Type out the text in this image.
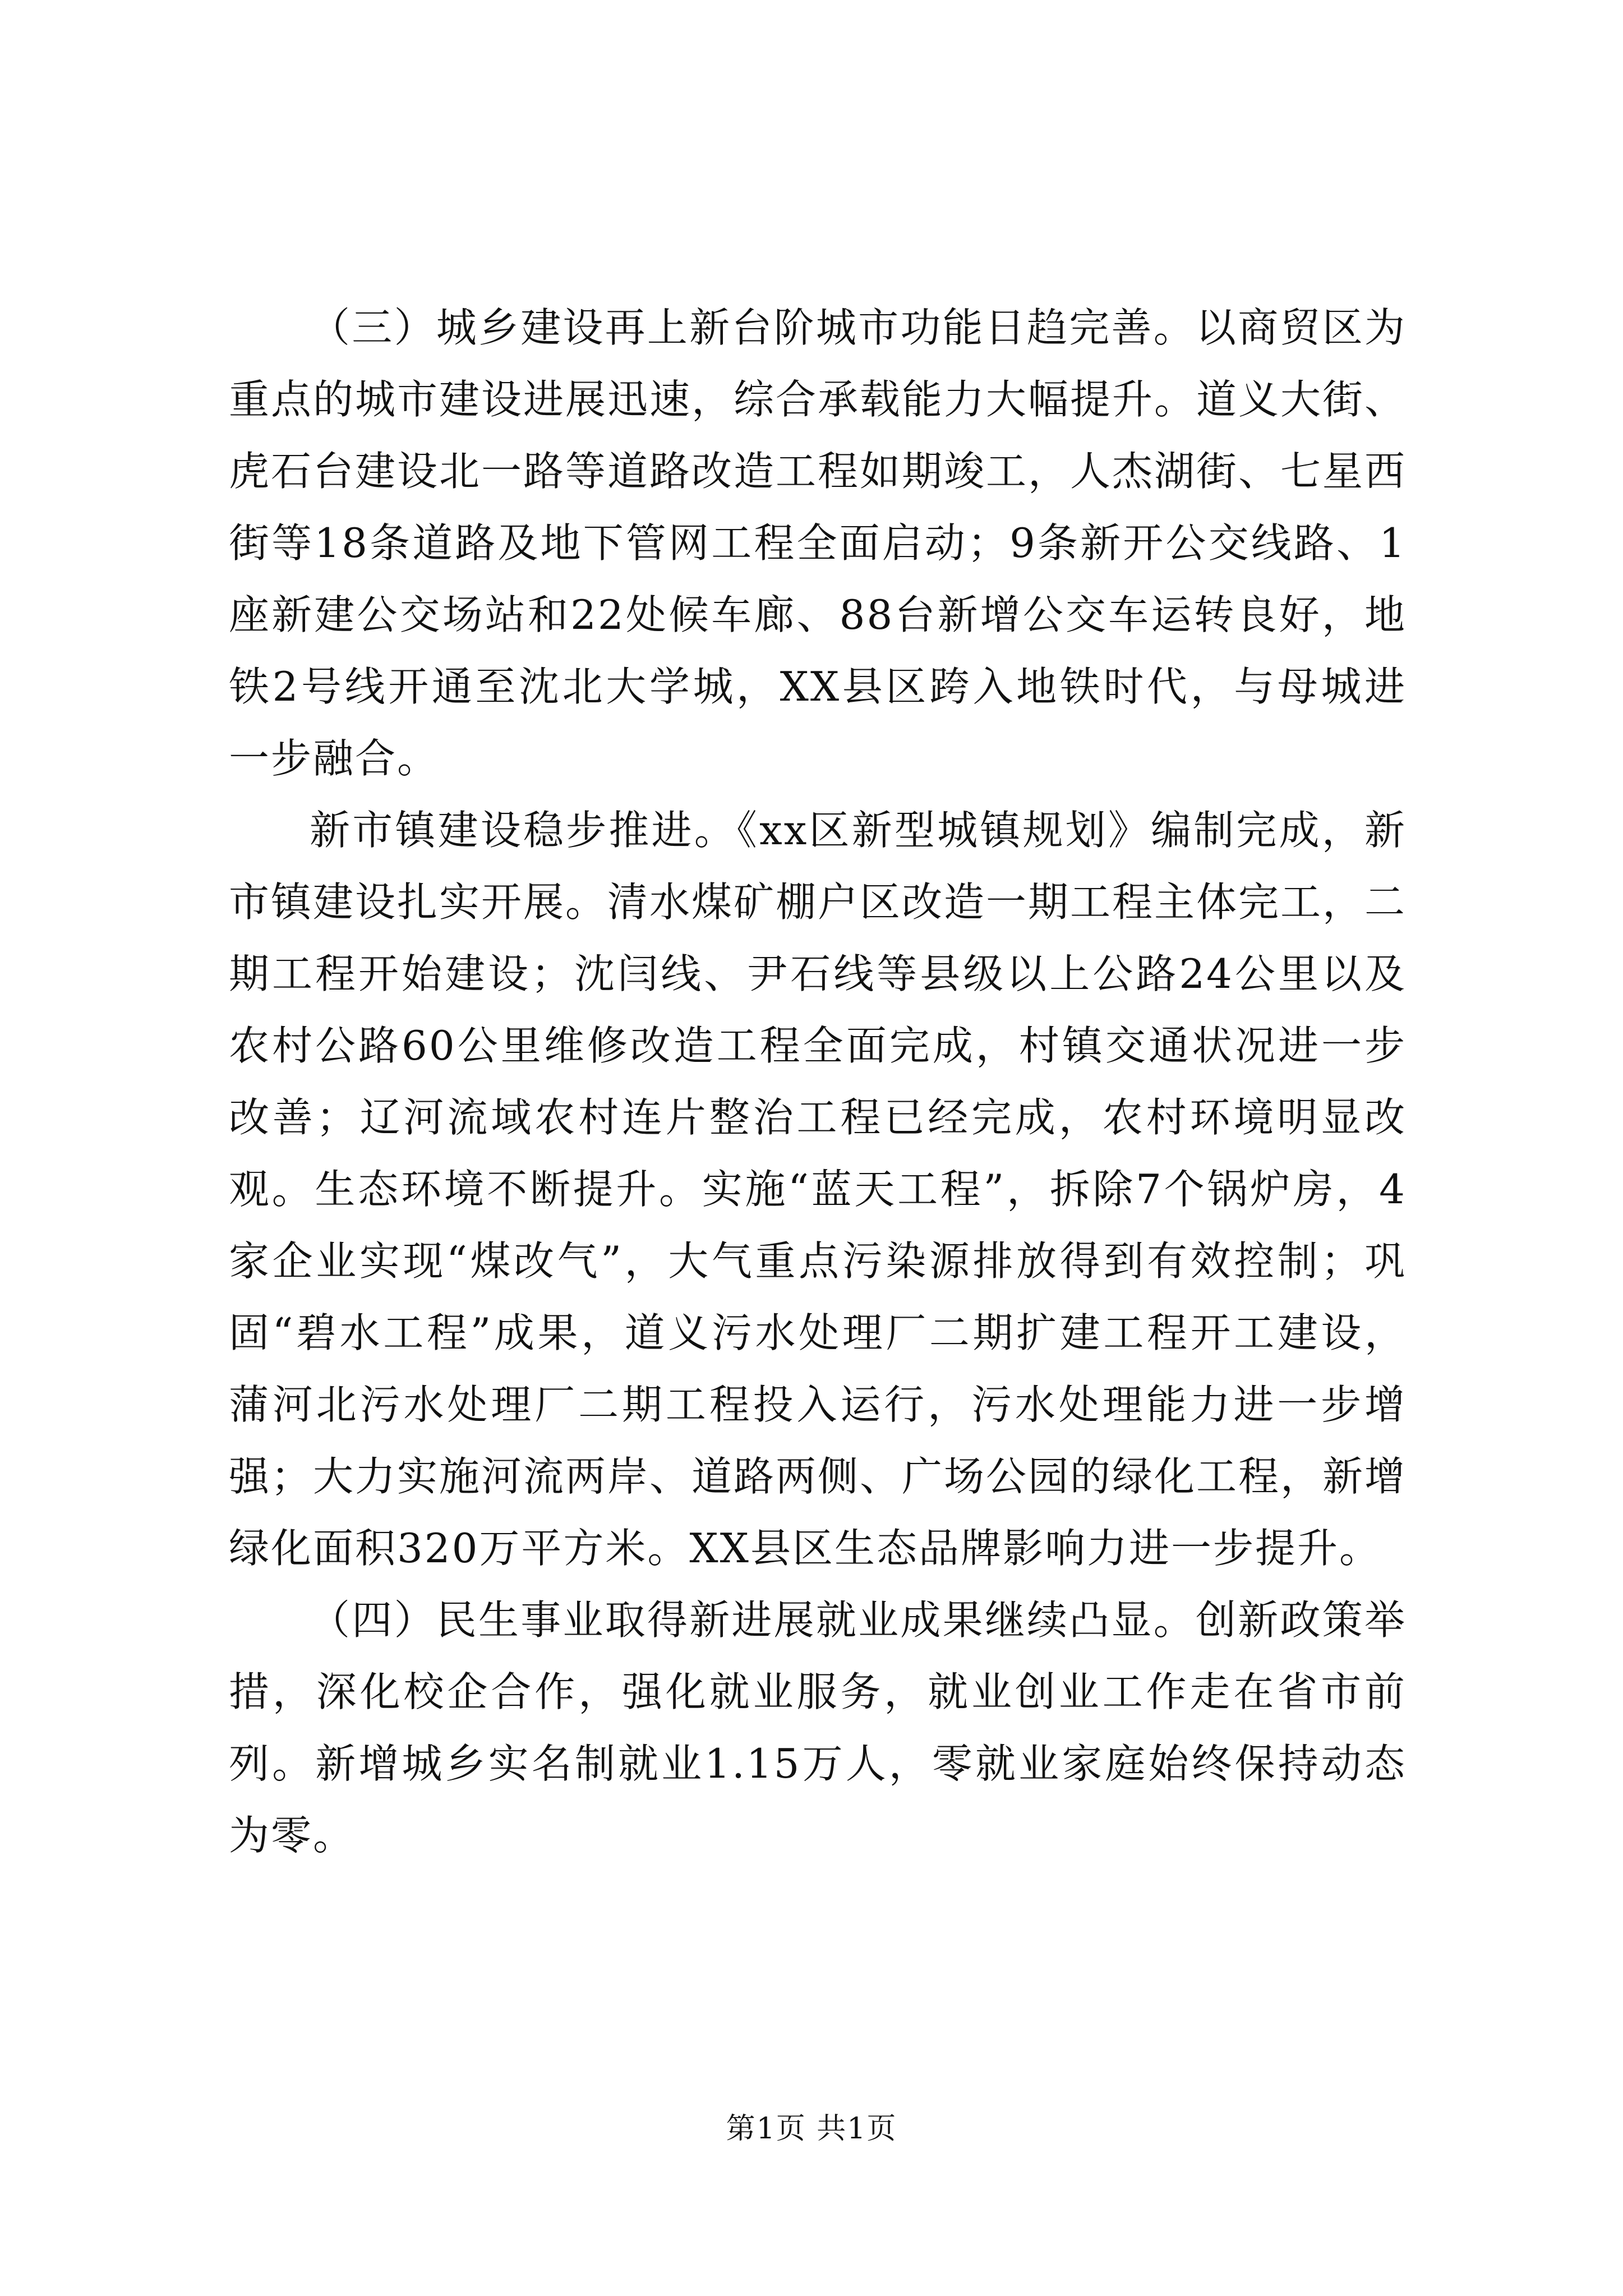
（三）城乡建设再上新台阶城市功能日趋完善。以商贸区为重点的城市建设进展迅速，综合承载能力大幅提升。道义大街、虎石台建设北一路等道路改造工程如期竣工，人杰湖街、七星西街等18条道路及地下管网工程全面启动；9条新开公交线路、1座新建公交场站和22处候车廊、88台新增公交车运转良好，地铁2号线开通至沈北大学城，XX县区跨入地铁时代，与母城进一步融合。

新市镇建设稳步推进。《xx区新型城镇规划》编制完成，新市镇建设扎实开展。清水煤矿棚户区改造一期工程主体完工，二期工程开始建设；沈闫线、尹石线等县级以上公路24公里以及农村公路60公里维修改造工程全面完成，村镇交通状况进一步改善；辽河流域农村连片整治工程已经完成，农村环境明显改观。生态环境不断提升。实施“蓝天工程”，拆除7个锅炉房，4家企业实现“煤改气”，大气重点污染源排放得到有效控制；巩固“碧水工程”成果，道义污水处理厂二期扩建工程开工建设，蒲河北污水处理厂二期工程投入运行，污水处理能力进一步增强；大力实施河流两岸、道路两侧、广场公园的绿化工程，新增绿化面积320万平方米。XX县区生态品牌影响力进一步提升。

（四）民生事业取得新进展就业成果继续凸显。创新政策举措，深化校企合作，强化就业服务，就业创业工作走在省市前列。新增城乡实名制就业1.15万人，零就业家庭始终保持动态为零。

第1页 共1页
